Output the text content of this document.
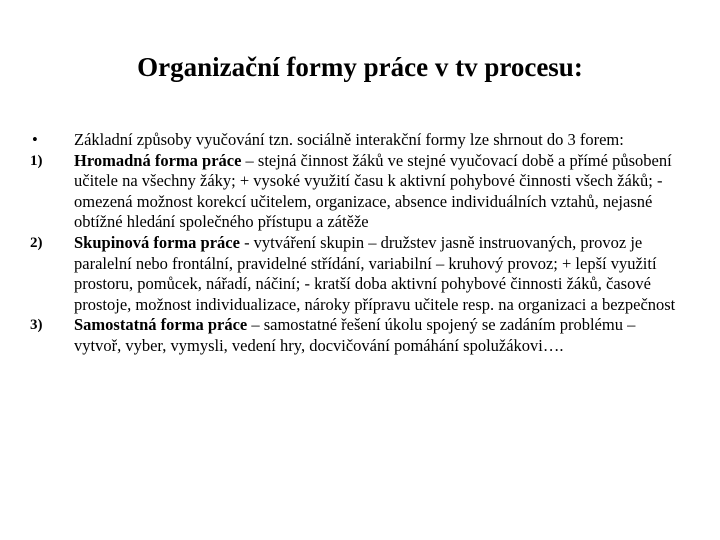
Organizační formy práce v tv procesu:
•	Základní způsoby vyučování tzn. sociálně interakční formy lze shrnout do 3 forem:
1)	Hromadná forma práce – stejná činnost žáků ve stejné vyučovací době a přímé působení učitele na všechny žáky; + vysoké využití času k aktivní pohybové činnosti všech žáků; - omezená možnost korekcí učitelem, organizace, absence individuálních vztahů, nejasné obtížné hledání společného přístupu a zátěže
2)	Skupinová forma práce - vytváření skupin – družstev jasně instruovaných, provoz je paralelní nebo frontální, pravidelné střídání, variabilní – kruhový provoz; + lepší využití prostoru, pomůcek, nářadí, náčiní; - kratší doba aktivní pohybové činnosti žáků, časové prostoje, možnost individualizace, nároky přípravu učitele resp. na organizaci a bezpečnost
3)	Samostatná forma práce – samostatné řešení úkolu spojený se zadáním problému – vytvoř, vyber, vymysli, vedení hry, docvičování pomáhání spolužákovi….
